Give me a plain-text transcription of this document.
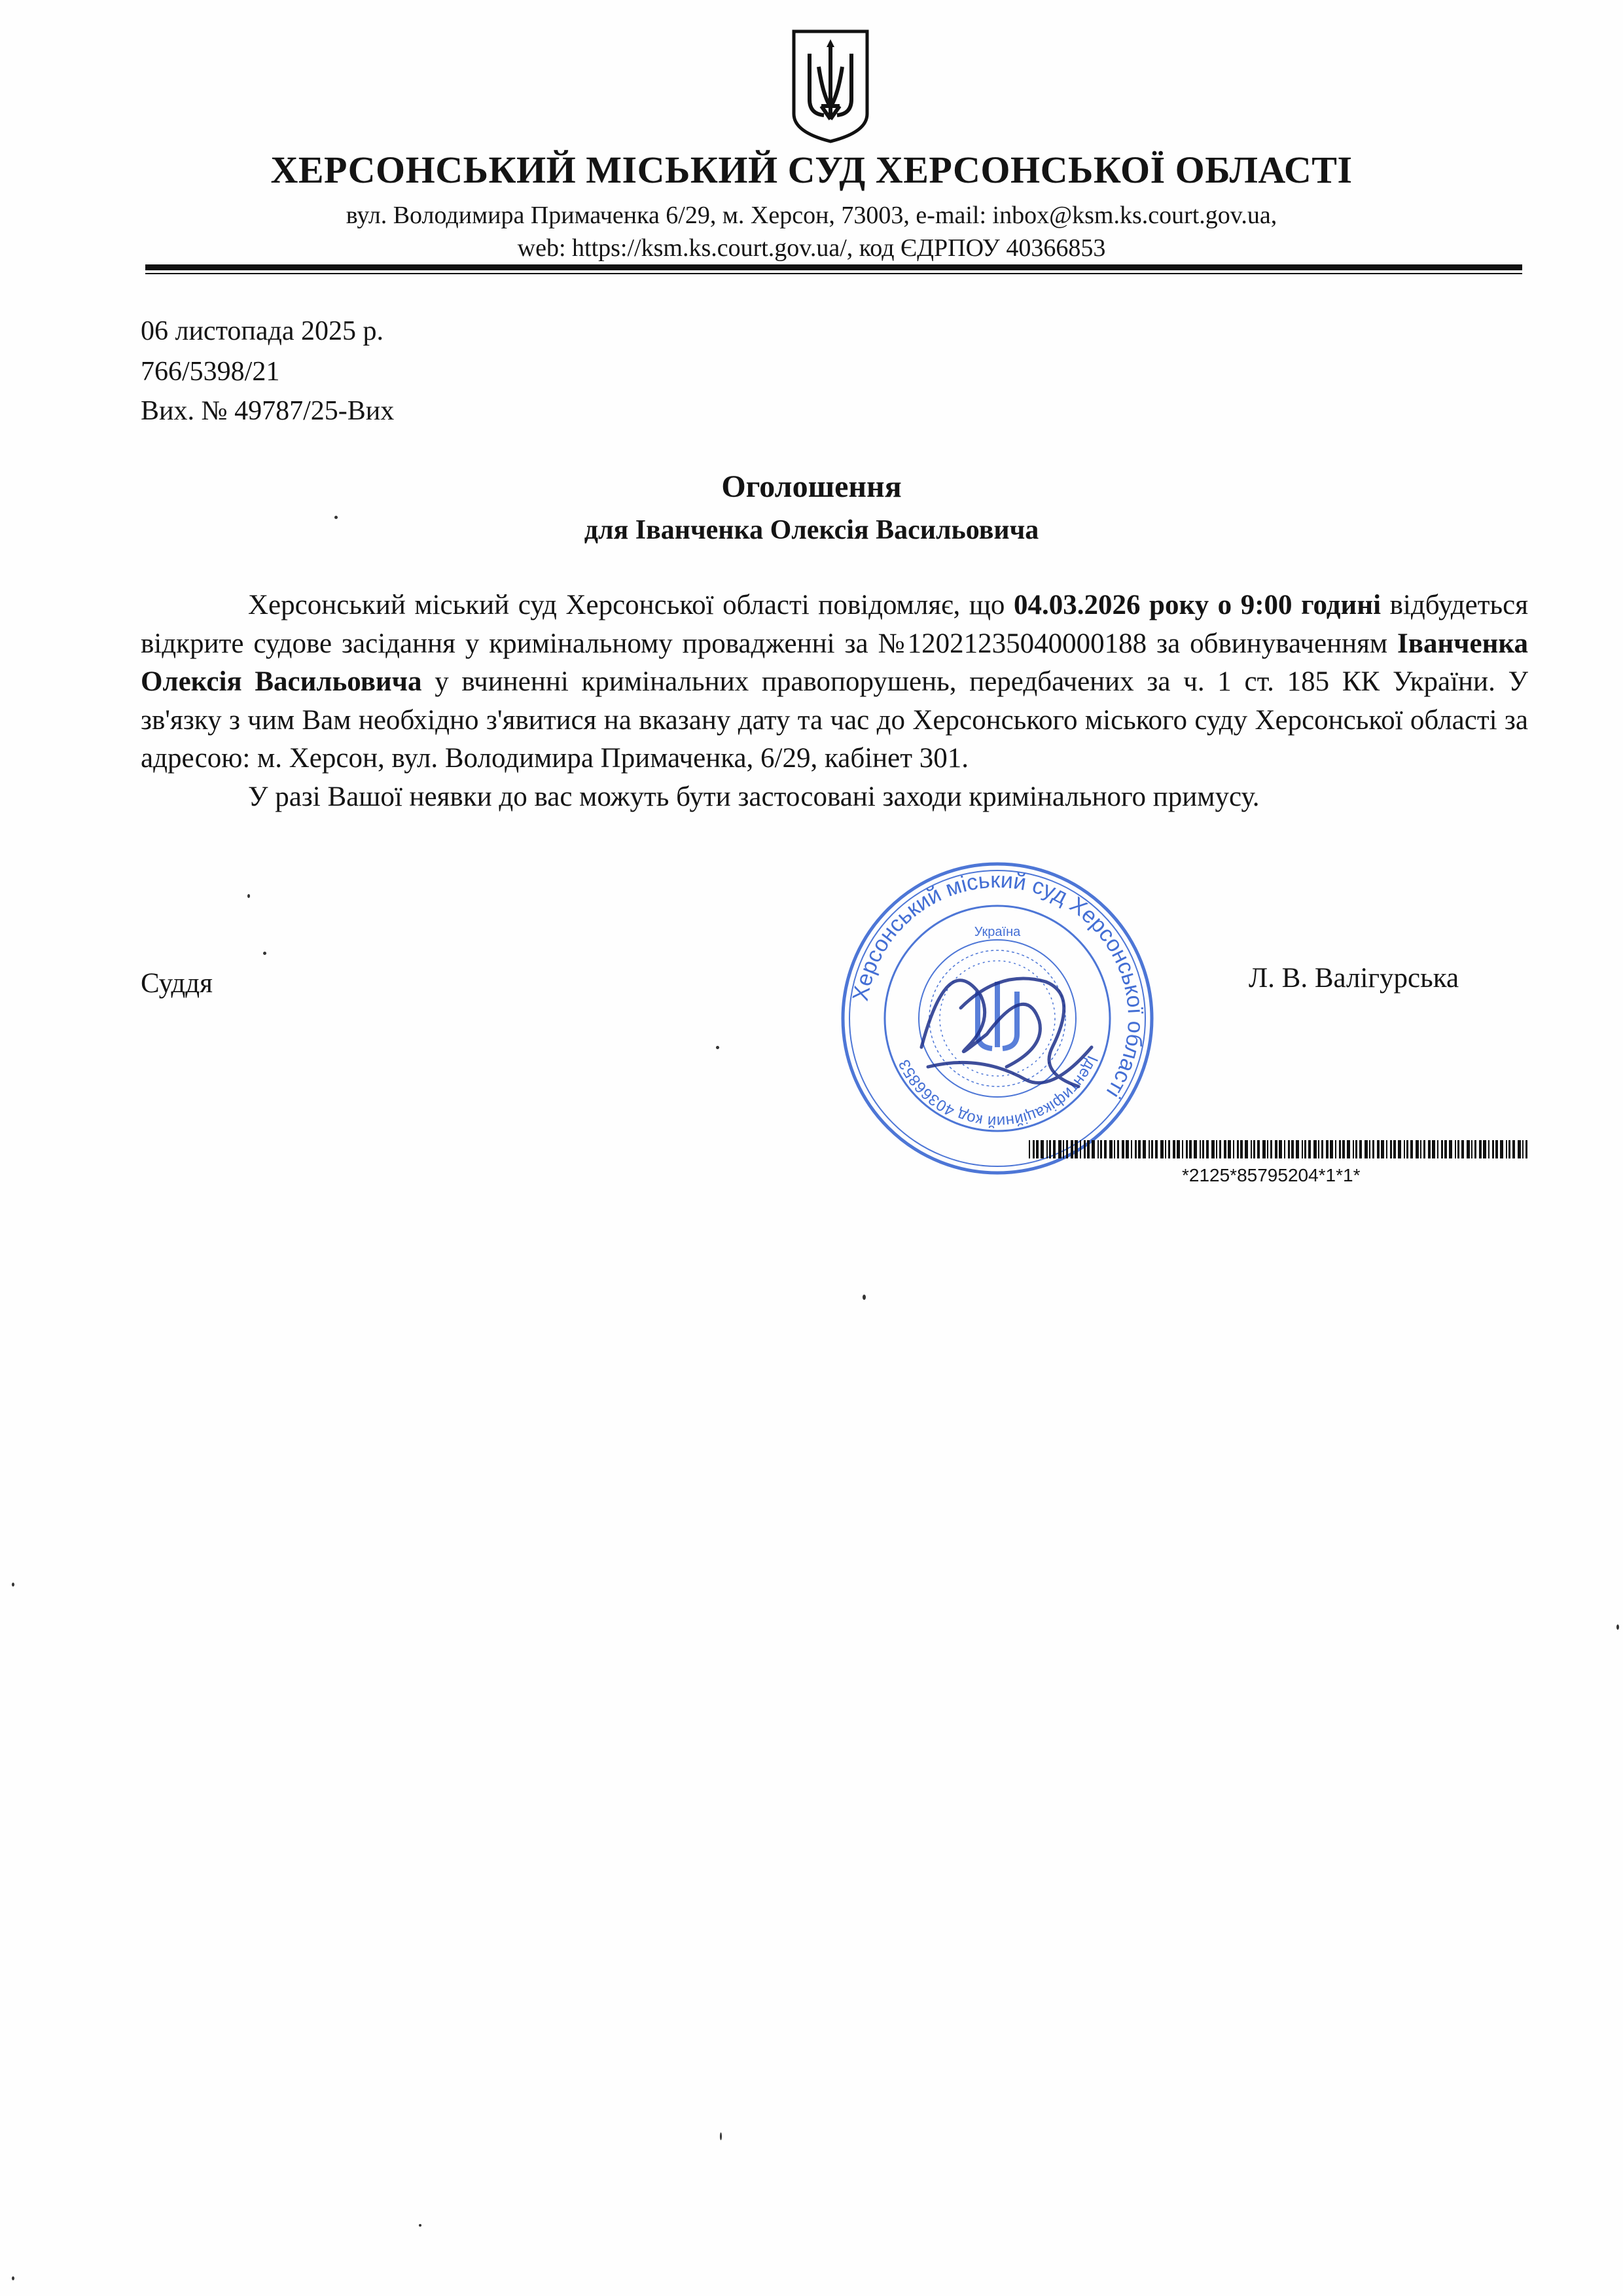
ХЕРСОНСЬКИЙ МІСЬКИЙ СУД ХЕРСОНСЬКОЇ ОБЛАСТІ
вул. Володимира Примаченка 6/29, м. Херсон, 73003, e-mail: inbox@ksm.ks.court.gov.ua,
web: https://ksm.ks.court.gov.ua/, код ЄДРПОУ 40366853
06 листопада 2025 р.
766/5398/21
Вих. № 49787/25-Вих
Оголошення
для Іванченка Олексія Васильовича

Херсонський міський суд Херсонської області повідомляє, що 04.03.2026 року о 9:00 годині відбудеться відкрите судове засідання у кримінальному провадженні за №12021235040000188 за обвинуваченням Іванченка Олексія Васильовича у вчиненні кримінальних правопорушень, передбачених за ч. 1 ст. 185 КК України. У зв'язку з чим Вам необхідно з'явитися на вказану дату та час до Херсонського міського суду Херсонської області за адресою: м. Херсон, вул. Володимира Примаченка, 6/29, кабінет 301.

У разі Вашої неявки до вас можуть бути застосовані заходи кримінального примусу.

Суддя	Л. В. Валігурська
Херсонський міський суд Херсонської області
Ідентифікаційний код 40366853
Україна
*2125*85795204*1*1*
